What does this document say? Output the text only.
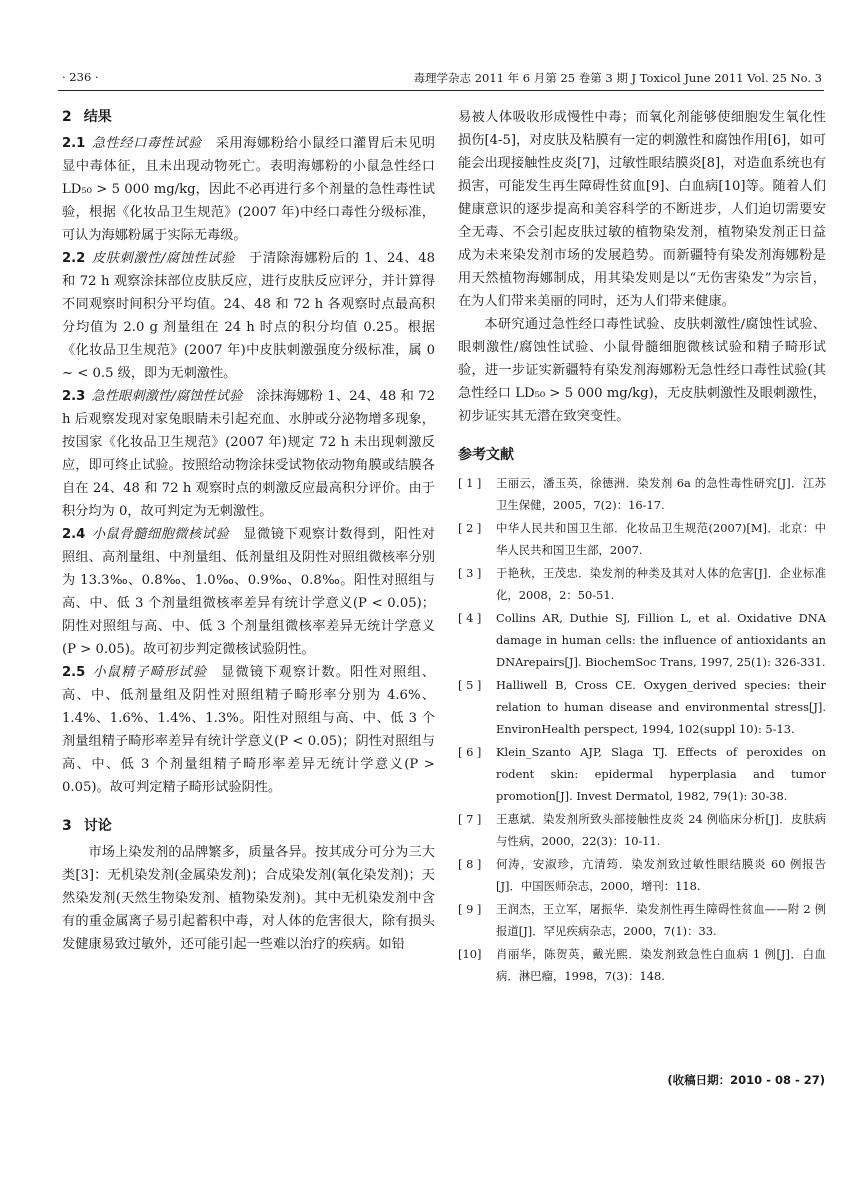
· 236 ·	毒理学杂志 2011 年 6 月第 25 卷第 3 期 J Toxicol June 2011 Vol. 25 No. 3
2 结果

2.1 急性经口毒性试验 采用海娜粉给小鼠经口灌胃后未见明显中毒体征，且未出现动物死亡。表明海娜粉的小鼠急性经口 LD₅₀ > 5 000 mg/kg，因此不必再进行多个剂量的急性毒性试验，根据《化妆品卫生规范》(2007 年)中经口毒性分级标准，可认为海娜粉属于实际无毒级。

2.2 皮肤刺激性/腐蚀性试验 于清除海娜粉后的 1、24、48 和 72 h 观察涂抹部位皮肤反应，进行皮肤反应评分，并计算得不同观察时间积分平均值。24、48 和 72 h 各观察时点最高积分均值为 2.0 g 剂量组在 24 h 时点的积分均值 0.25。根据《化妆品卫生规范》(2007 年)中皮肤刺激强度分级标准，属 0 ~ < 0.5 级，即为无刺激性。

2.3 急性眼刺激性/腐蚀性试验 涂抹海娜粉 1、24、48 和 72 h 后观察发现对家兔眼睛未引起充血、水肿或分泌物增多现象，按国家《化妆品卫生规范》(2007 年)规定 72 h 未出现刺激反应，即可终止试验。按照给动物涂抹受试物依动物角膜或结膜各自在 24、48 和 72 h 观察时点的刺激反应最高积分评价。由于积分均为 0，故可判定为无刺激性。

2.4 小鼠骨髓细胞微核试验 显微镜下观察计数得到，阳性对照组、高剂量组、中剂量组、低剂量组及阴性对照组微核率分别为 13.3‰、0.8‰、1.0‰、0.9‰、0.8‰。阳性对照组与高、中、低 3 个剂量组微核率差异有统计学意义(P < 0.05)；阴性对照组与高、中、低 3 个剂量组微核率差异无统计学意义(P > 0.05)。故可初步判定微核试验阴性。

2.5 小鼠精子畸形试验 显微镜下观察计数。阳性对照组、高、中、低剂量组及阴性对照组精子畸形率分别为 4.6%、1.4%、1.6%、1.4%、1.3%。阳性对照组与高、中、低 3 个剂量组精子畸形率差异有统计学意义(P < 0.05)；阴性对照组与高、中、低 3 个剂量组精子畸形率差异无统计学意义(P > 0.05)。故可判定精子畸形试验阴性。

3 讨论

市场上染发剂的品牌繁多，质量各异。按其成分可分为三大类[3]：无机染发剂(金属染发剂)；合成染发剂(氧化染发剂)；天然染发剂(天然生物染发剂、植物染发剂)。其中无机染发剂中含有的重金属离子易引起蓄积中毒，对人体的危害很大，除有损头发健康易致过敏外，还可能引起一些难以治疗的疾病。如铅

易被人体吸收形成慢性中毒；而氧化剂能够使细胞发生氧化性损伤[4-5]，对皮肤及粘膜有一定的刺激性和腐蚀作用[6]，如可能会出现接触性皮炎[7]，过敏性眼结膜炎[8]，对造血系统也有损害，可能发生再生障碍性贫血[9]、白血病[10]等。随着人们健康意识的逐步提高和美容科学的不断进步，人们迫切需要安全无毒、不会引起皮肤过敏的植物染发剂，植物染发剂正日益成为未来染发剂市场的发展趋势。而新疆特有染发剂海娜粉是用天然植物海娜制成，用其染发则是以“无伤害染发”为宗旨，在为人们带来美丽的同时，还为人们带来健康。

本研究通过急性经口毒性试验、皮肤刺激性/腐蚀性试验、眼刺激性/腐蚀性试验、小鼠骨髓细胞微核试验和精子畸形试验，进一步证实新疆特有染发剂海娜粉无急性经口毒性试验(其急性经口 LD₅₀ > 5 000 mg/kg)，无皮肤刺激性及眼刺激性，初步证实其无潜在致突变性。

参考文献
[ 1 ]	王丽云，潘玉英，徐德洲．染发剂 6a 的急性毒性研究[J]．江苏卫生保健，2005，7(2)：16-17.
[ 2 ]	中华人民共和国卫生部．化妆品卫生规范(2007)[M]．北京：中华人民共和国卫生部，2007.
[ 3 ]	于艳秋，王茂忠．染发剂的种类及其对人体的危害[J]．企业标准化，2008，2：50-51.
[ 4 ]	Collins AR, Duthie SJ, Fillion L, et al. Oxidative DNA damage in human cells: the influence of antioxidants an DNArepairs[J]. BiochemSoc Trans, 1997, 25(1): 326-331.
[ 5 ]	Halliwell B, Cross CE. Oxygen_derived species: their relation to human disease and environmental stress[J]. EnvironHealth perspect, 1994, 102(suppl 10): 5-13.
[ 6 ]	Klein_Szanto AJP, Slaga TJ. Effects of peroxides on rodent skin: epidermal hyperplasia and tumor promotion[J]. Invest Dermatol, 1982, 79(1): 30-38.
[ 7 ]	王惠斌．染发剂所致头部接触性皮炎 24 例临床分析[J]．皮肤病与性病，2000，22(3)：10-11.
[ 8 ]	何涛，安淑珍，亢清筠．染发剂致过敏性眼结膜炎 60 例报告[J]．中国医师杂志，2000，增刊：118.
[ 9 ]	王润杰，王立军，屠振华．染发剂性再生障碍性贫血——附 2 例报道[J]．罕见疾病杂志，2000，7(1)：33.
[10]	肖丽华，陈贺英，戴光熙．染发剂致急性白血病 1 例[J]．白血病．淋巴瘤，1998，7(3)：148.
(收稿日期：2010 - 08 - 27)
